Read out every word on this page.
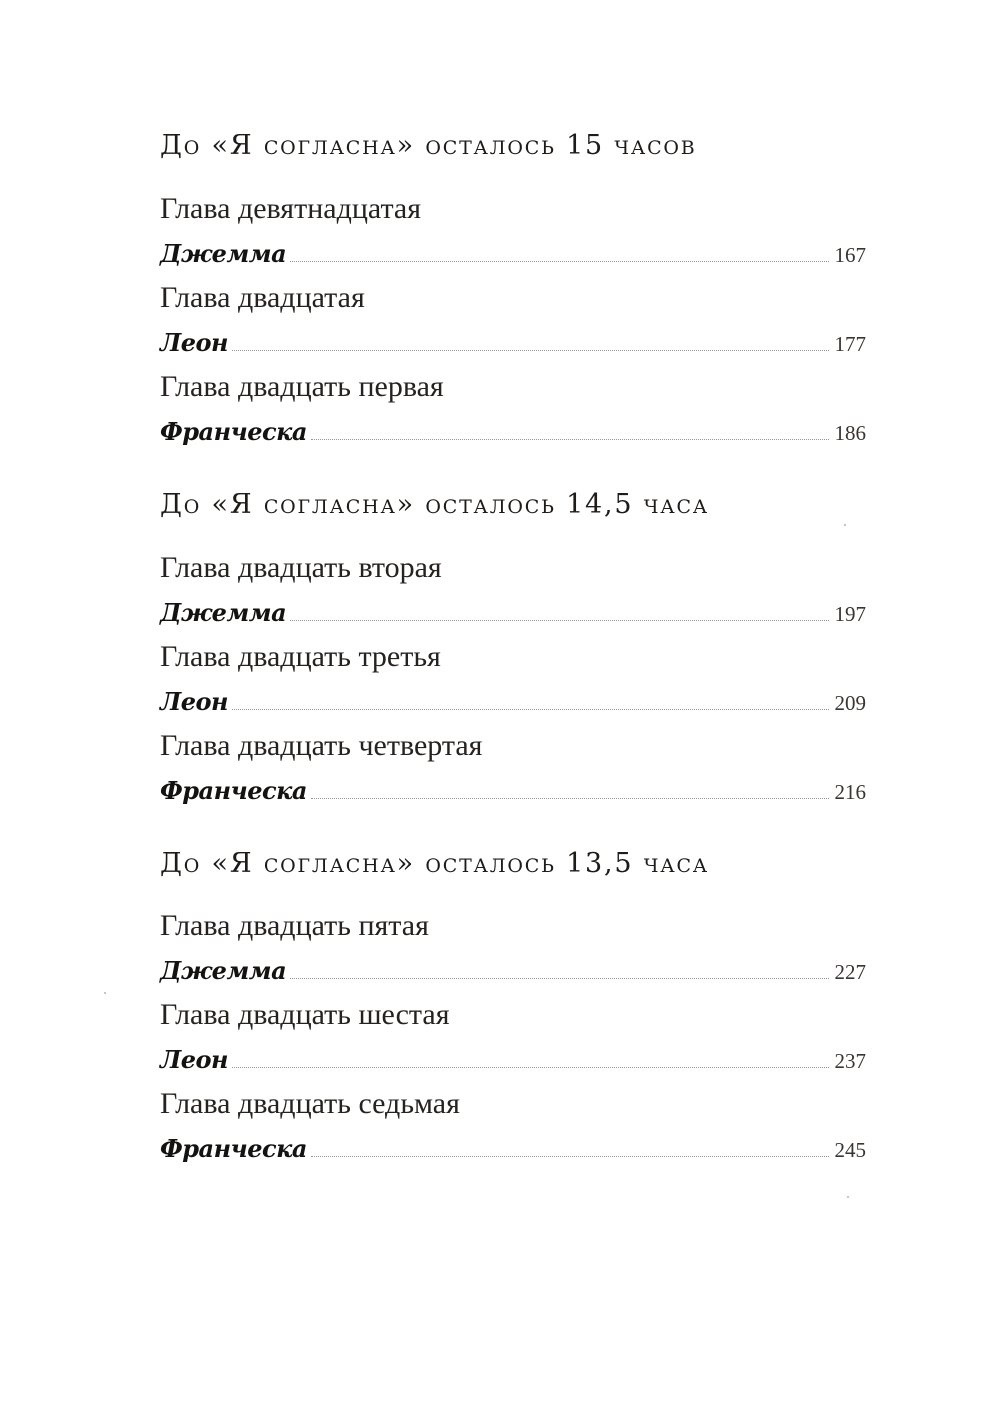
До «Я согласна» осталось 15 часов
Глава девятнадцатая
Джемма	167
Глава двадцатая
Леон	177
Глава двадцать первая
Франческа	186
До «Я согласна» осталось 14,5 часа
Глава двадцать вторая
Джемма	197
Глава двадцать третья
Леон	209
Глава двадцать четвертая
Франческа	216
До «Я согласна» осталось 13,5 часа
Глава двадцать пятая
Джемма	227
Глава двадцать шестая
Леон	237
Глава двадцать седьмая
Франческа	245
